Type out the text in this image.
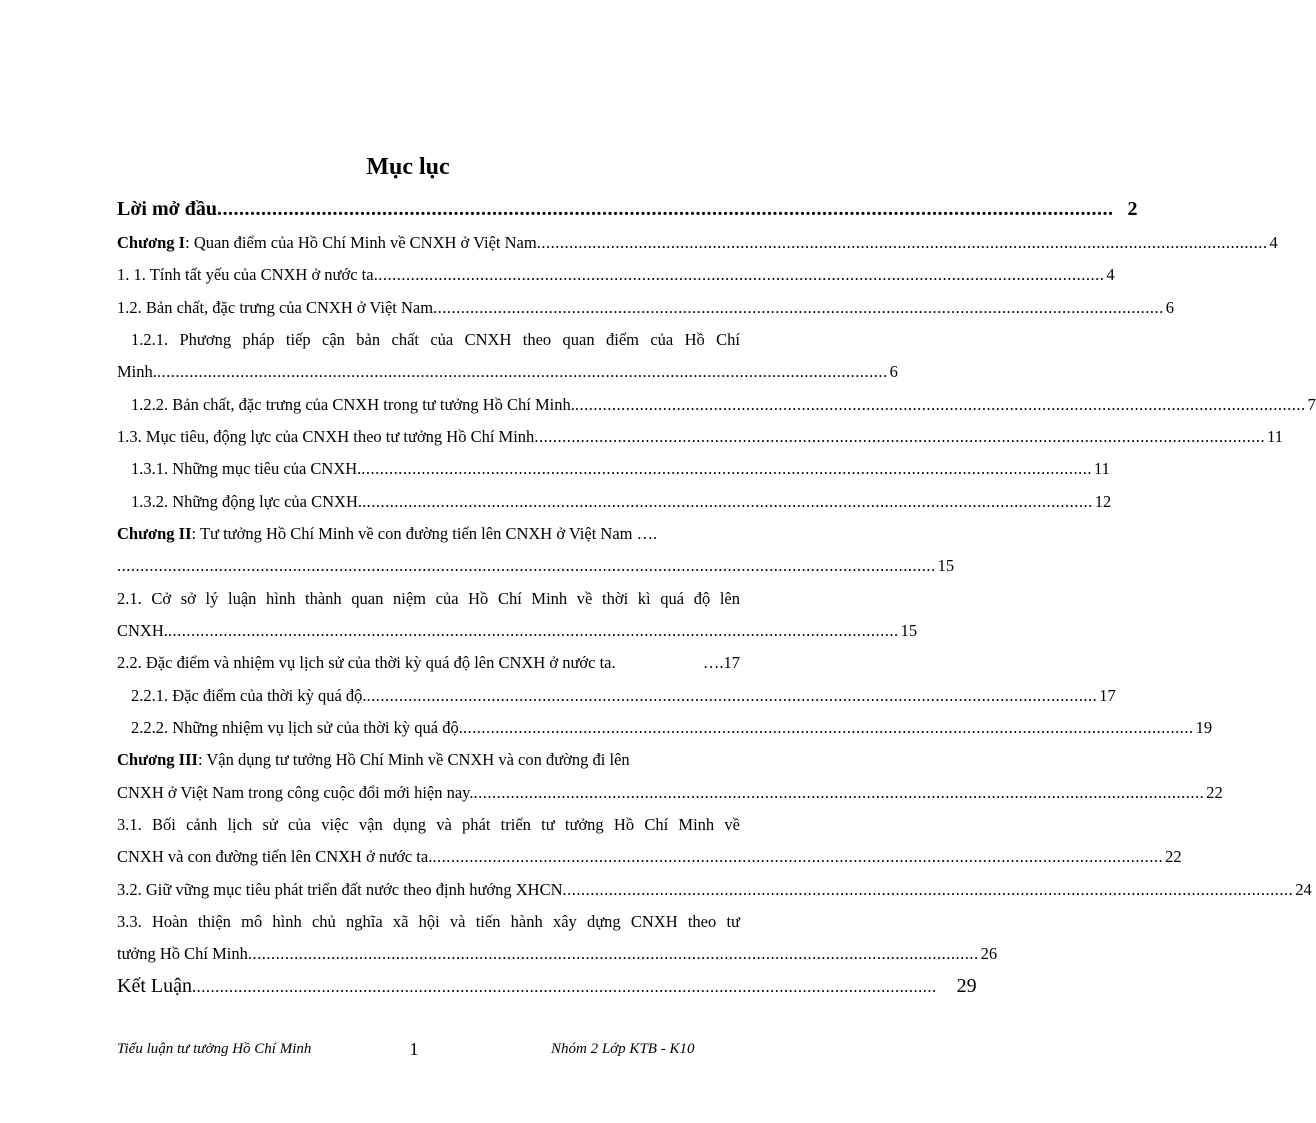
Mục lục
Lời mở đầu ................................................................................................................................................................... 2
Chương I: Quan điểm của Hồ Chí Minh về CNXH ở Việt Nam .............................................................................................................................................................. 4
1. 1. Tính tất yếu của CNXH ở nước ta .............................................................................................................................................................. 4
1.2. Bản chất, đặc trưng của CNXH ở Việt Nam .............................................................................................................................................................. 6
1.2.1. Phương pháp tiếp cận bản chất của CNXH theo quan điểm của Hồ Chí
Minh. .............................................................................................................................................................. 6
1.2.2. Bản chất, đặc trưng của CNXH trong tư tưởng Hồ Chí Minh. .............................................................................................................................................................. 7
1.3. Mục tiêu, động lực của CNXH theo tư tưởng Hồ Chí Minh .............................................................................................................................................................. 11
1.3.1. Những mục tiêu của CNXH. .............................................................................................................................................................. 11
1.3.2. Những động lực của CNXH. .............................................................................................................................................................. 12
Chương II: Tư tưởng Hồ Chí Minh về con đường tiến lên CNXH ở Việt Nam ….
................................................................................................................................................................................. 15
2.1. Cở sở lý luận hình thành quan niệm của Hồ Chí Minh về thời kì quá độ lên
CNXH. .............................................................................................................................................................. 15
2.2. Đặc điểm và nhiệm vụ lịch sử của thời kỳ quá độ lên CNXH ở nước ta.	….17
2.2.1. Đặc điểm của thời kỳ quá độ. .............................................................................................................................................................. 17
2.2.2. Những nhiệm vụ lịch sử của thời kỳ quá độ. .............................................................................................................................................................. 19
Chương III: Vận dụng tư tưởng Hồ Chí Minh về CNXH và con đường đi lên
CNXH ở Việt Nam trong công cuộc đổi mới hiện nay. .............................................................................................................................................................. 22
3.1. Bối cảnh lịch sử của việc vận dụng và phát triển tư tưởng Hồ Chí Minh về
CNXH và con đường tiến lên CNXH ở nước ta. .............................................................................................................................................................. 22
3.2. Giữ vững mục tiêu phát triển đất nước theo định hướng XHCN .............................................................................................................................................................. 24
3.3. Hoàn thiện mô hình chủ nghĩa xã hội và tiến hành xây dựng CNXH theo tư
tưởng Hồ Chí Minh .............................................................................................................................................................. 26
Kết Luận ................................................................................................................................................................. 29
Tiểu luận tư tưởng Hồ Chí Minh	1	Nhóm 2 Lớp KTB - K10
